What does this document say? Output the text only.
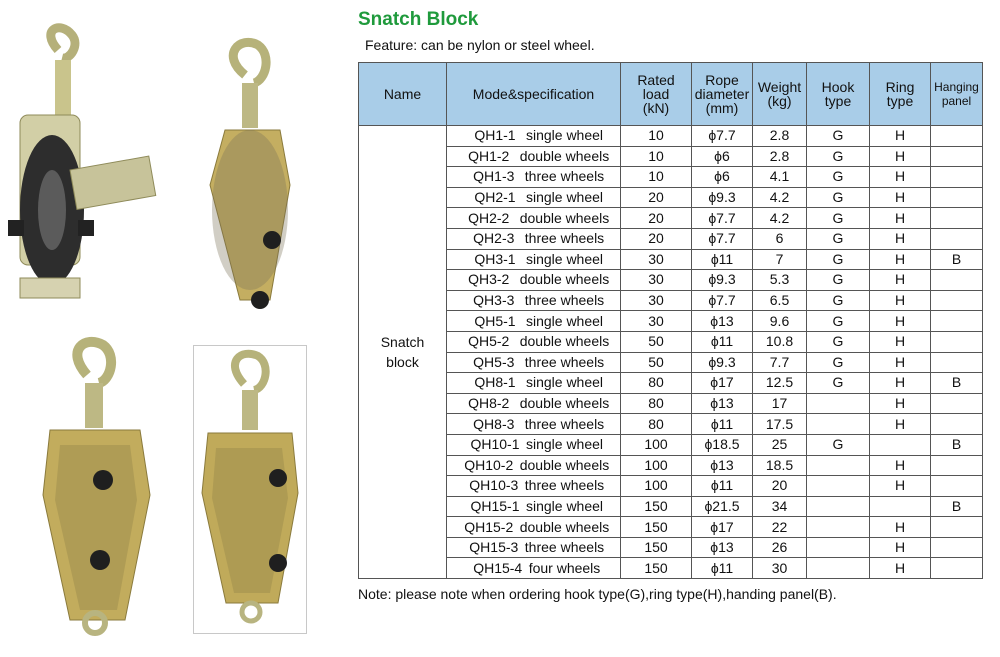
Snatch Block
Feature: can be nylon or steel wheel.
Name	Mode&specification	Rated
load
(kN)	Rope
diameter
(mm)	Weight
(kg)	Hook
type	Ring
type	Hanging
panel
Snatch
block	QH1-1 single wheel	10	ϕ7.7	2.8	G	H	
	QH1-2 double wheels	10	ϕ6	2.8	G	H	
	QH1-3 three wheels	10	ϕ6	4.1	G	H	
	QH2-1 single wheel	20	ϕ9.3	4.2	G	H	
	QH2-2 double wheels	20	ϕ7.7	4.2	G	H	
	QH2-3 three wheels	20	ϕ7.7	6	G	H	
	QH3-1 single wheel	30	ϕ11	7	G	H	B
	QH3-2 double wheels	30	ϕ9.3	5.3	G	H	
	QH3-3 three wheels	30	ϕ7.7	6.5	G	H	
	QH5-1 single wheel	30	ϕ13	9.6	G	H	
	QH5-2 double wheels	50	ϕ11	10.8	G	H	
	QH5-3 three wheels	50	ϕ9.3	7.7	G	H	
	QH8-1 single wheel	80	ϕ17	12.5	G	H	B
	QH8-2 double wheels	80	ϕ13	17		H	
	QH8-3 three wheels	80	ϕ11	17.5		H	
	QH10-1 single wheel	100	ϕ18.5	25	G		B
	QH10-2 double wheels	100	ϕ13	18.5		H	
	QH10-3 three wheels	100	ϕ11	20		H	
	QH15-1 single wheel	150	ϕ21.5	34			B
	QH15-2 double wheels	150	ϕ17	22		H	
	QH15-3 three wheels	150	ϕ13	26		H	
	QH15-4 four wheels	150	ϕ11	30		H	
Note: please note when ordering hook type(G),ring type(H),handing panel(B).
